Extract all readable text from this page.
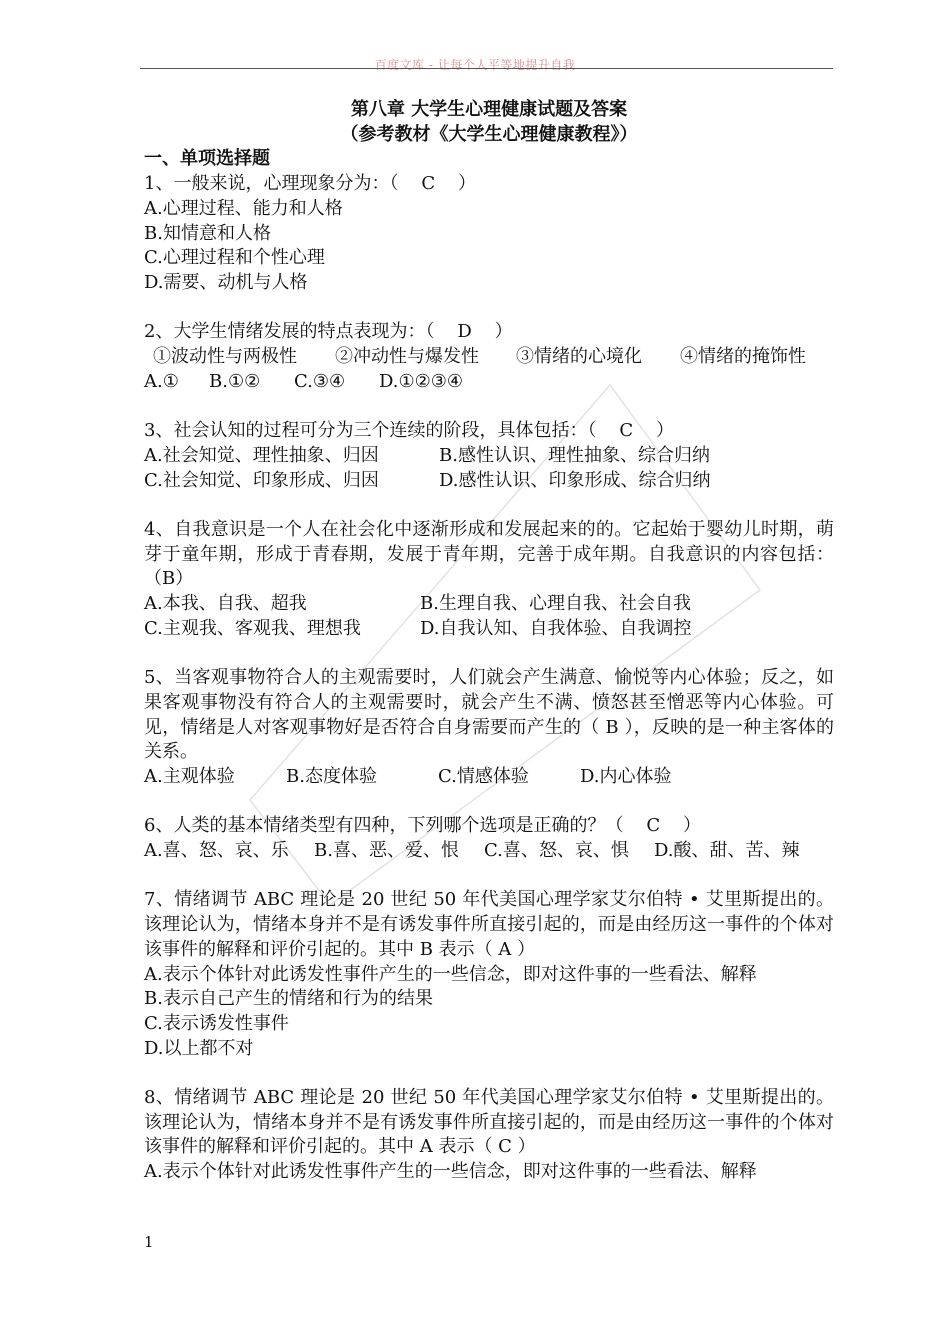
百度文库 - 让每个人平等地提升自我
第八章 大学生心理健康试题及答案
（参考教材《大学生心理健康教程》）
一、单项选择题
1、一般来说，心理现象分为：（    C    ）
A.心理过程、能力和人格
B.知情意和人格
C.心理过程和个性心理
D.需要、动机与人格
2、大学生情绪发展的特点表现为：（    D    ）
①波动性与两极性	②冲动性与爆发性	③情绪的心境化	④情绪的掩饰性
A.①	B.①②	C.③④	D.①②③④
3、社会认知的过程可分为三个连续的阶段，具体包括：（    C    ）
A.社会知觉、理性抽象、归因	B.感性认识、理性抽象、综合归纳
C.社会知觉、印象形成、归因	D.感性认识、印象形成、综合归纳
4、自我意识是一个人在社会化中逐渐形成和发展起来的的。它起始于婴幼儿时期，萌芽于童年期，形成于青春期，发展于青年期，完善于成年期。自我意识的内容包括：（B）
A.本我、自我、超我	B.生理自我、心理自我、社会自我
C.主观我、客观我、理想我	D.自我认知、自我体验、自我调控
5、当客观事物符合人的主观需要时，人们就会产生满意、愉悦等内心体验；反之，如果客观事物没有符合人的主观需要时，就会产生不满、愤怒甚至憎恶等内心体验。可见，情绪是人对客观事物好是否符合自身需要而产生的（ B ），反映的是一种主客体的关系。
A.主观体验	B.态度体验	C.情感体验	D.内心体验
6、人类的基本情绪类型有四种，下列哪个选项是正确的？（    C    ）
A.喜、怒、哀、乐	B.喜、恶、爱、恨	C.喜、怒、哀、惧	D.酸、甜、苦、辣
7、情绪调节 ABC 理论是 20 世纪 50 年代美国心理学家艾尔伯特 • 艾里斯提出的。该理论认为，情绪本身并不是有诱发事件所直接引起的，而是由经历这一事件的个体对该事件的解释和评价引起的。其中 B 表示（ A ）
A.表示个体针对此诱发性事件产生的一些信念，即对这件事的一些看法、解释
B.表示自己产生的情绪和行为的结果
C.表示诱发性事件
D.以上都不对
8、情绪调节 ABC 理论是 20 世纪 50 年代美国心理学家艾尔伯特 • 艾里斯提出的。该理论认为，情绪本身并不是有诱发事件所直接引起的，而是由经历这一事件的个体对该事件的解释和评价引起的。其中 A 表示（ C ）
A.表示个体针对此诱发性事件产生的一些信念，即对这件事的一些看法、解释
1
